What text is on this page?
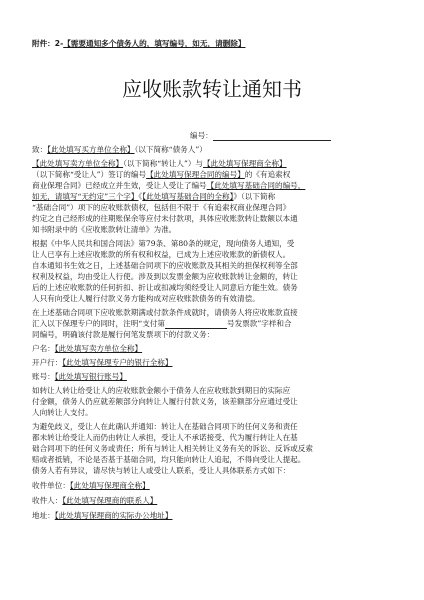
附件：2-【需要通知多个债务人的，填写编号，如无，请删除】
应收账款转让通知书
编号：
致：【此处填写买方单位全称】（以下简称“债务人”）
【此处填写卖方单位全称】（以下简称“转让人”）与【此处填写保理商全称】
（以下简称“受让人”）签订的编号【此处填写保理合同的编号】的《有追索权
商业保理合同》已经成立并生效，受让人受让了编号【此处填写基础合同的编号，
如无，请填写“无约定”三个字】《【此处填写基础合同的全称】》（以下简称
“基础合同”）项下的应收账款债权，包括但不限于《有追索权商业保理合同》
约定之自己经形成的往期账保余等应付未付款项，具体应收账款转让数额以本通
知书附录中的《应收账款转让清单》为准。
根据《中华人民共和国合同法》第79条、第80条的规定，现向债务人通知，受
让人已享有上述应收账款的所有权和权益，已成为上述应收账款的新债权人。
自本通知书生效之日，上述基础合同项下的应收账款及其相关的担保权利等全部
权利及权益，均由受让人行使。涉及到以发票金额为应收账款转让金额的，转让
后的上述应收账款的任何折扣、折让或扣减均须经受让人同意后方能生效。债务
人只有向受让人履行付款义务方能构成对应收账款债务的有效清偿。
在上述基础合同项下应收账款期满或付款条件成就时，请债务人将应收账款直接
汇入以下保理专户的同时，注明“支付第	号发票款”字样和合
同编号，明确该付款是履行何笔发票项下的付款义务：
户名：【此处填写卖方单位全称】
开户行：【此处填写保理专户的银行全称】
账号：【此处填写银行账号】
如转让人转让给受让人的应收账款金额小于债务人在应收账款到期日的实际应
付金额，债务人仍应就差额部分向转让人履行付款义务，该差额部分应通过受让
人向转让人支付。
为避免歧义，受让人在此确认并通知：转让人在基础合同项下的任何义务和责任
都未转让给受让人而仍由转让人承担，受让人不承诺接受、代为履行转让人在基
础合同项下的任何义务或责任；所有与转让人相关转让义务有关的诉讼、反诉或反索
赔或者抵销，不论是否基于基础合同，均只能向转让人追起，不得向受让人提起。
债务人若有异议，请尽快与转让人或受让人联系，受让人具体联系方式如下：
收件单位：【此处填写保理商全称】
收件人：【此处填写保理商的联系人】
地址：【此处填写保理商的实际办公地址】
